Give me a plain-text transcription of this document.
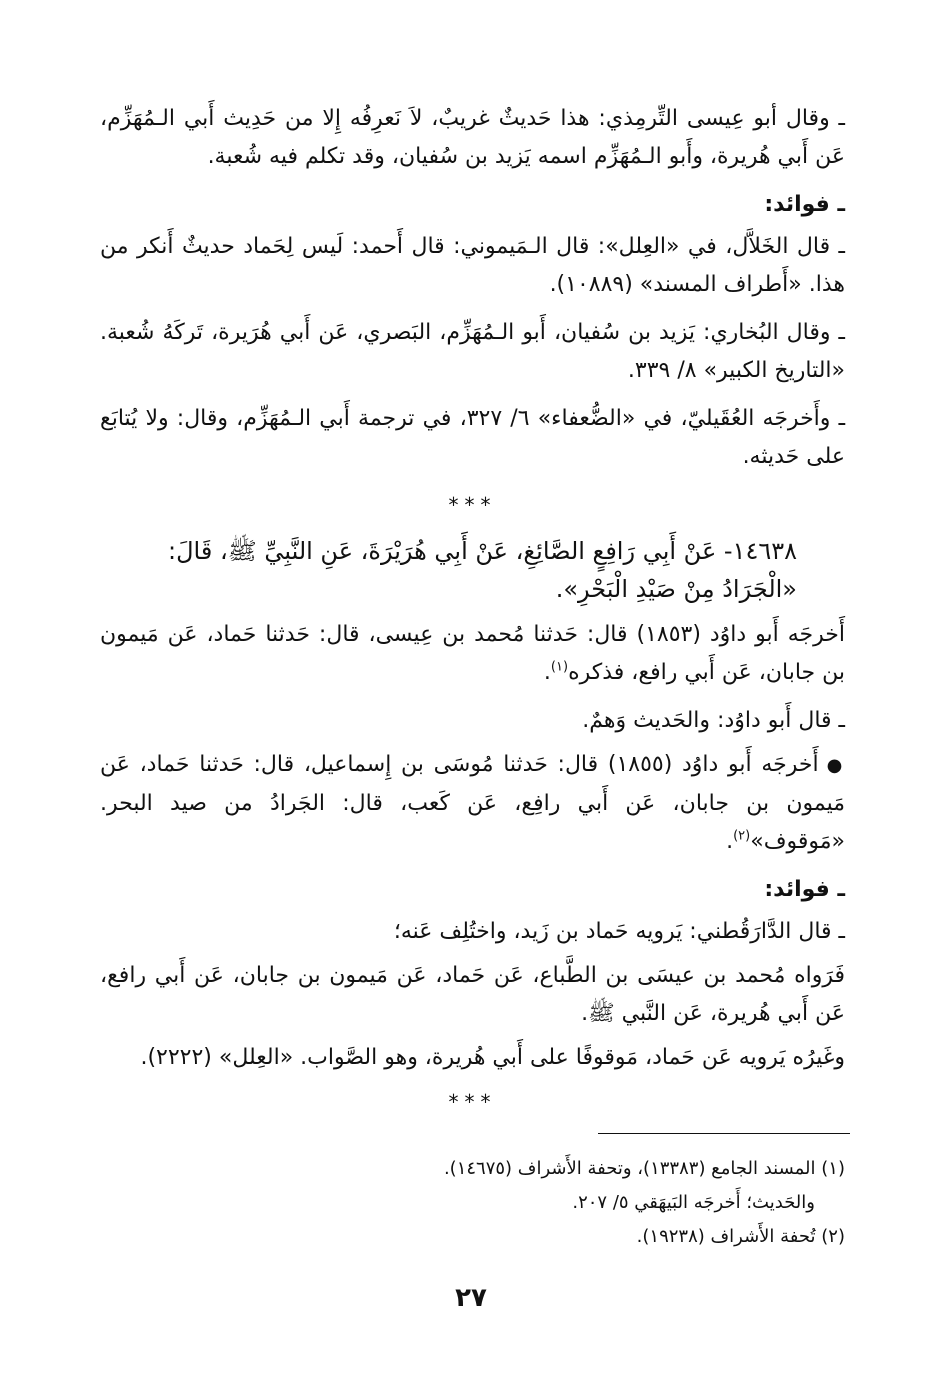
ـ وقال أبو عِيسى التِّرمِذي: هذا حَديثٌ غريبٌ، لاَ نَعرِفُه إِلا من حَدِيث أَبي الـمُهَزِّم، عَن أَبي هُريرة، وأَبو الـمُهَزِّم اسمه يَزيد بن سُفيان، وقد تكلم فيه شُعبة.

ـ فوائد:

ـ قال الخَلاَّل، في «العِلل»: قال الـمَيموني: قال أَحمد: لَيس لِحَماد حديثٌ أَنكر من هذا. «أَطراف المسند» (١٠٨٨٩).

ـ وقال البُخاري: يَزيد بن سُفيان، أَبو الـمُهَزِّم، البَصري، عَن أَبي هُرَيرة، تَركَهُ شُعبة. «التاريخ الكبير» ٨/ ٣٣٩.

ـ وأَخرجَه العُقَيليّ، في «الضُّعفاء» ٦/ ٣٢٧، في ترجمة أَبي الـمُهَزِّم، وقال: ولا يُتابَع على حَديثه.

***
١٤٦٣٨- عَنْ أَبِي رَافِعٍ الصَّائِغِ، عَنْ أَبِي هُرَيْرَةَ، عَنِ النَّبِيِّ ﷺ، قَالَ:
«الْجَرَادُ مِنْ صَيْدِ الْبَحْرِ».

أَخرجَه أَبو داوُد (١٨٥٣) قال: حَدثنا مُحمد بن عِيسى، قال: حَدثنا حَماد، عَن مَيمون بن جابان، عَن أَبي رافع، فذكره$^{(١)}$.

ـ قال أَبو داوُد: والحَديث وَهمٌ.

●أَخرجَه أَبو داوُد (١٨٥٥) قال: حَدثنا مُوسَى بن إِسماعيل، قال: حَدثنا حَماد، عَن مَيمون بن جابان، عَن أَبي رافِع، عَن كَعب، قال: الجَرادُ من صيد البحر. «مَوقوف»$^{(٢)}$.

ـ فوائد:

ـ قال الدَّارَقُطني: يَرويه حَماد بن زَيد، واختُلِف عَنه؛

فَرَواه مُحمد بن عيسَى بن الطَّباع، عَن حَماد، عَن مَيمون بن جابان، عَن أَبي رافع، عَن أَبي هُريرة، عَن النَّبي ﷺ.

وغَيرُه يَرويه عَن حَماد، مَوقوفًا على أَبي هُريرة، وهو الصَّواب. «العِلل» (٢٢٢٢).

***

(١) المسند الجامع (١٣٣٨٣)، وتحفة الأَشراف (١٤٦٧٥).

والحَديث؛ أَخرجَه البَيهَقي ٥/ ٢٠٧.

(٢) تُحفة الأَشراف (١٩٢٣٨).

٢٧
